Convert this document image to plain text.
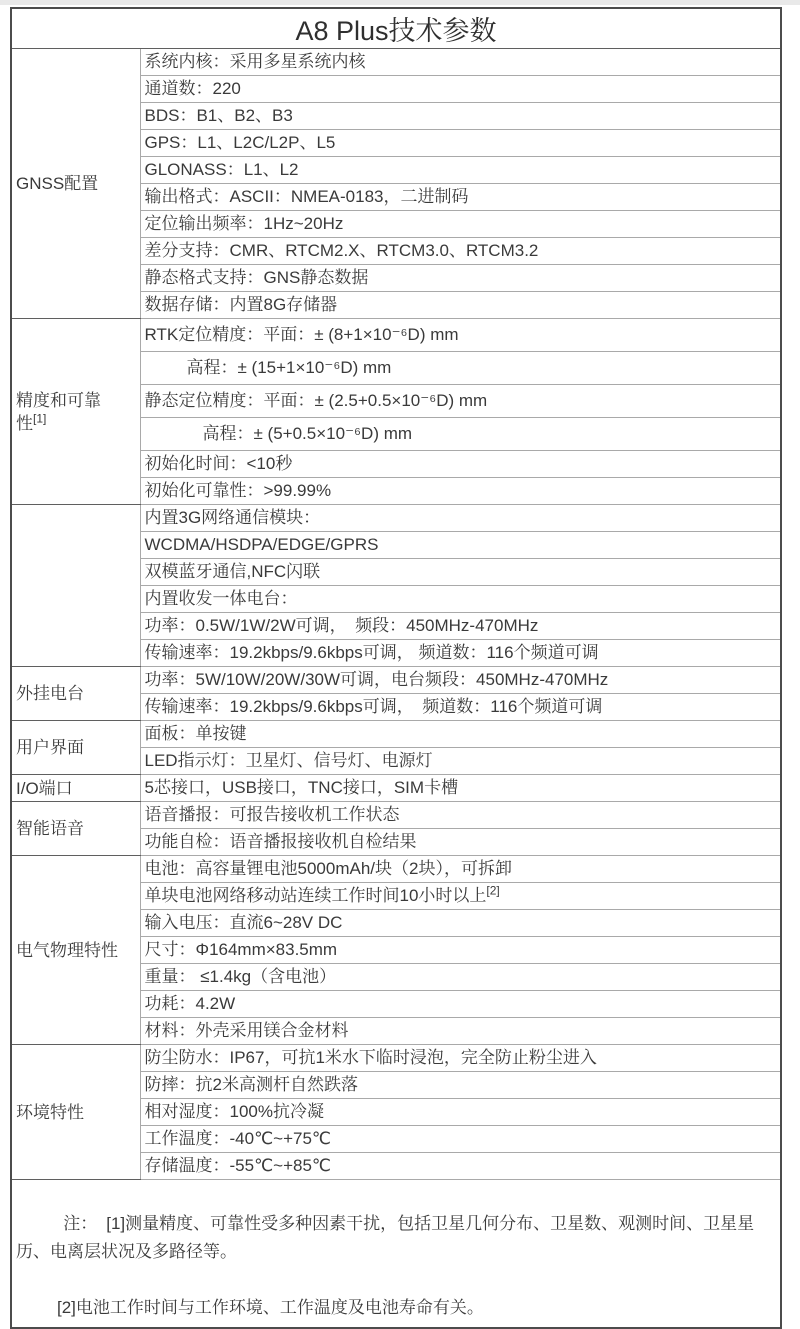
A8 Plus技术参数	
GNSS配置	系统内核：采用多星系统内核
	通道数：220
	BDS：B1、B2、B3
	GPS：L1、L2C/L2P、L5
	GLONASS：L1、L2
	输出格式：ASCII：NMEA-0183，二进制码
	定位输出频率：1Hz~20Hz
	差分支持：CMR、RTCM2.X、RTCM3.0、RTCM3.2
	静态格式支持：GNS静态数据
	数据存储：内置8G存储器
精度和可靠性[1]	RTK定位精度：平面：± (8+1×10⁻⁶D) mm
	高程：± (15+1×10⁻⁶D) mm
	静态定位精度：平面：± (2.5+0.5×10⁻⁶D) mm
	高程：± (5+0.5×10⁻⁶D) mm
	初始化时间：<10秒
	初始化可靠性：>99.99%
	内置3G网络通信模块：
	WCDMA/HSDPA/EDGE/GPRS
	双模蓝牙通信,NFC闪联
	内置收发一体电台：
	功率：0.5W/1W/2W可调，　频段：450MHz-470MHz
	传输速率：19.2kbps/9.6kbps可调， 频道数：116个频道可调
外挂电台	功率：5W/10W/20W/30W可调，电台频段：450MHz-470MHz
	传输速率：19.2kbps/9.6kbps可调，　频道数：116个频道可调
用户界面	面板：单按键
	LED指示灯：卫星灯、信号灯、电源灯
I/O端口	5芯接口，USB接口，TNC接口，SIM卡槽
智能语音	语音播报：可报告接收机工作状态
	功能自检：语音播报接收机自检结果
电气物理特性	电池：高容量锂电池5000mAh/块（2块），可拆卸
	单块电池网络移动站连续工作时间10小时以上[2]
	输入电压：直流6~28V DC
	尺寸：Φ164mm×83.5mm
	重量： ≤1.4kg（含电池）
	功耗：4.2W
	材料：外壳采用镁合金材料
环境特性	防尘防水：IP67，可抗1米水下临时浸泡，完全防止粉尘进入
	防摔：抗2米高测杆自然跌落
	相对湿度：100%抗冷凝
	工作温度：-40℃~+75℃
	存储温度：-55℃~+85℃

注： [1]测量精度、可靠性受多种因素干扰，包括卫星几何分布、卫星数、观测时间、卫星星历、电离层状况及多路径等。

[2]电池工作时间与工作环境、工作温度及电池寿命有关。	
